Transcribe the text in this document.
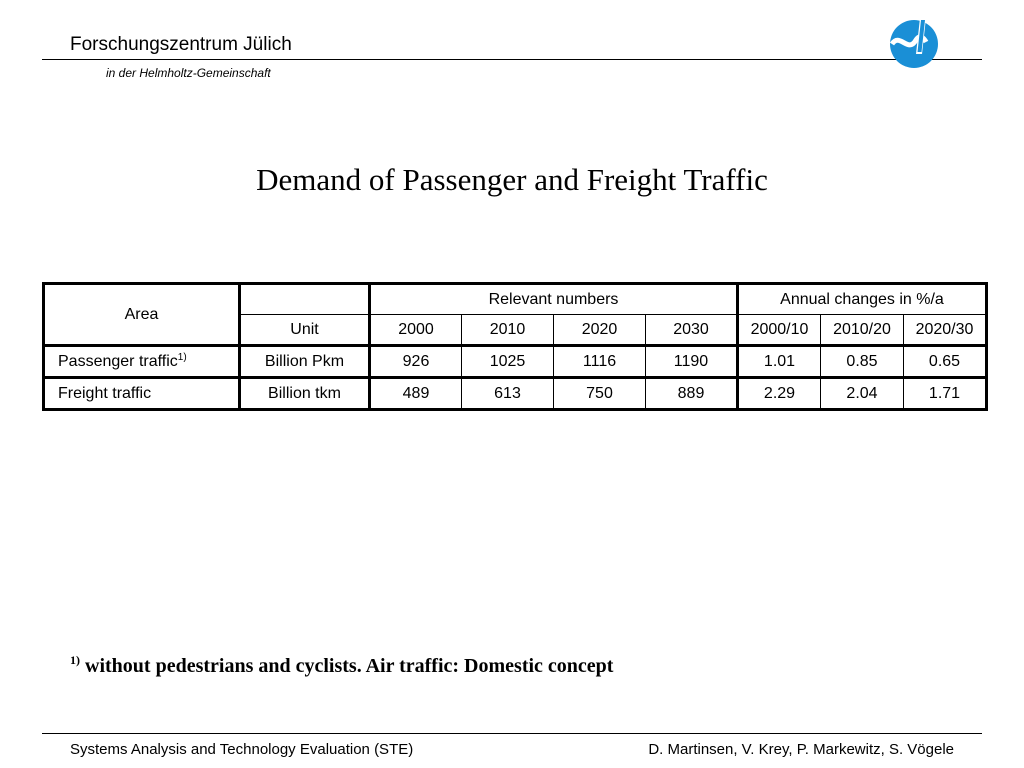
Forschungszentrum Jülich
in der Helmholtz-Gemeinschaft
Demand of Passenger and Freight Traffic
Area		Relevant numbers				Annual changes in %/a		
	Unit	2000	2010	2020	2030	2000/10	2010/20	2020/30
Passenger traffic$^{1)}$	Billion Pkm	926	1025	1116	1190	1.01	0.85	0.65
Freight traffic	Billion tkm	489	613	750	889	2.29	2.04	1.71
$^{1)}$ without pedestrians and cyclists. Air traffic: Domestic concept
Systems Analysis and Technology Evaluation (STE)	D. Martinsen, V. Krey, P. Markewitz, S. Vögele
